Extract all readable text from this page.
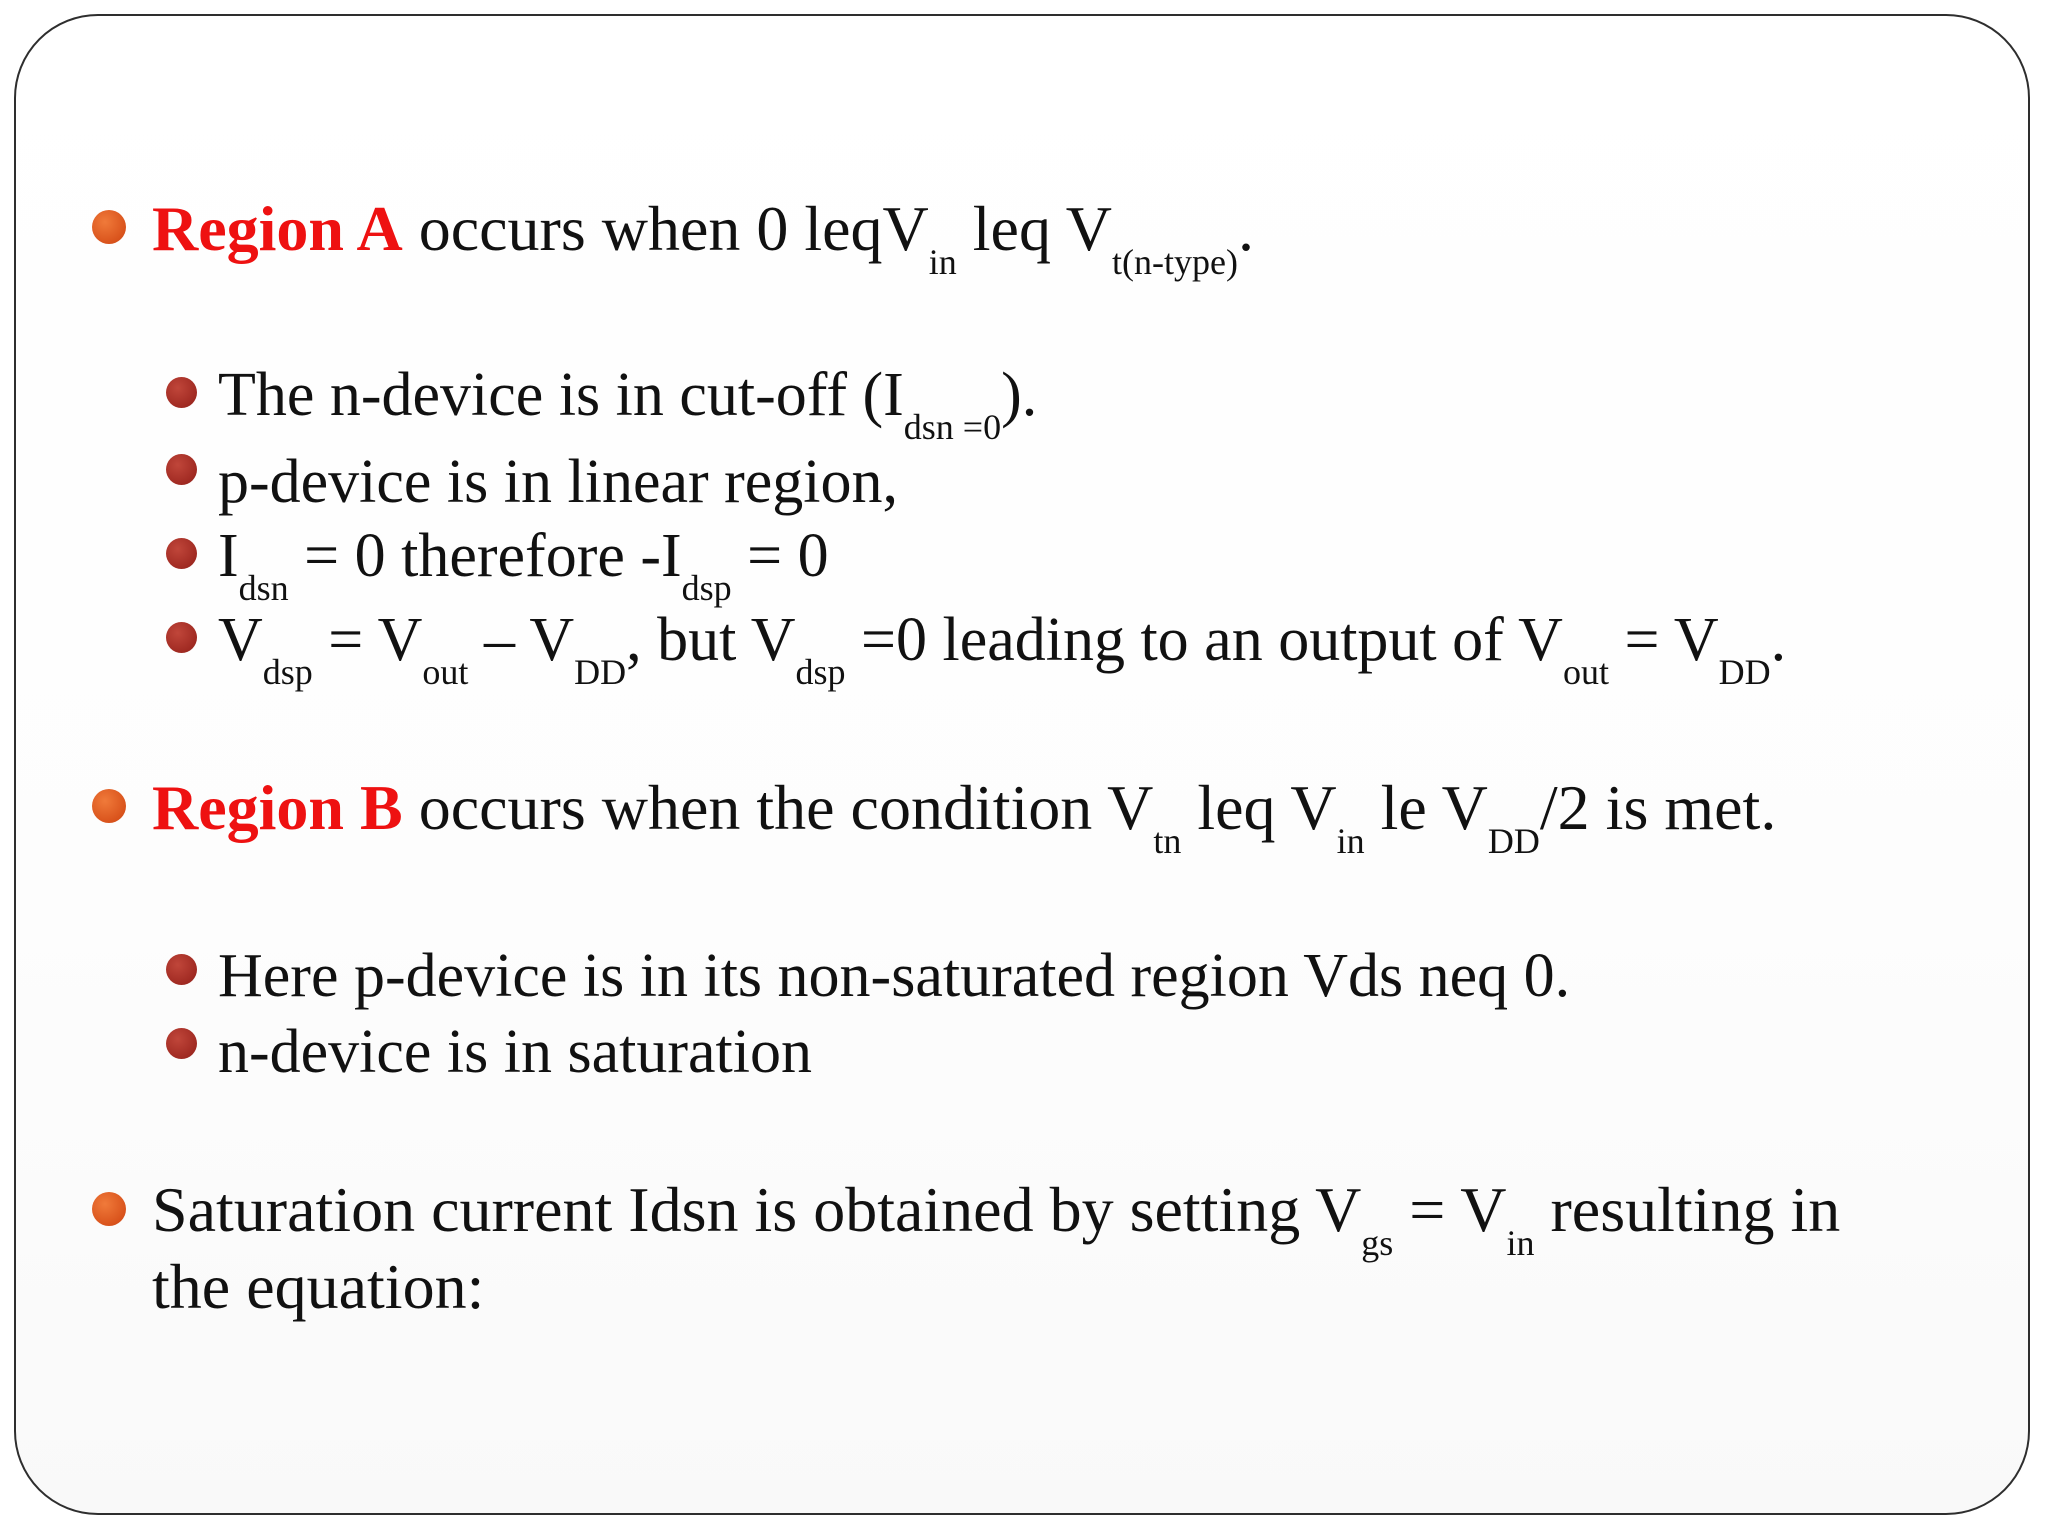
Region A occurs when 0 leqV$_{in}$ leq $V_{t(n-type)}$.
The n-device is in cut-off $(I_{dsn =0})$.
p-device is in linear region,
$I_{dsn} = 0$ therefore $-I_{dsp} = 0$
$V_{dsp} = V_{out} - V_{DD}$, but $V_{dsp} =0$ leading to an output of $V_{out} = V_{DD}$.
Region B occurs when the condition $V_{tn}$ leq $V_{in}$ le $V_{DD}/2$ is met.
Here p-device is in its non-saturated region Vds neq 0.
n-device is in saturation
Saturation current Idsn is obtained by setting $V_{gs} = V_{in}$ resulting in
the equation:
